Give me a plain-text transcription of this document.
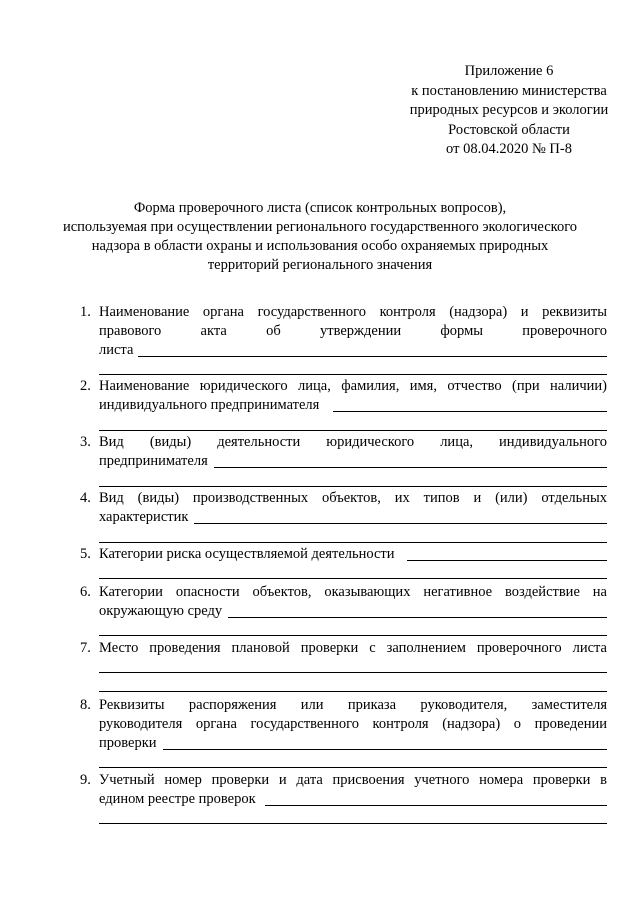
Приложение 6
к постановлению министерства
природных ресурсов и экологии
Ростовской области
от 08.04.2020 № П-8
Форма проверочного листа (список контрольных вопросов),
используемая при осуществлении регионального государственного экологического
надзора в области охраны и использования особо охраняемых природных
территорий регионального значения
1. Наименование органа государственного контроля (надзора) и реквизиты
правового акта об утверждении формы проверочного
листа
2. Наименование юридического лица, фамилия, имя, отчество (при наличии)
индивидуального предпринимателя
3. Вид (виды) деятельности юридического лица, индивидуального
предпринимателя
4. Вид (виды) производственных объектов, их типов и (или) отдельных
характеристик
5. Категории риска осуществляемой деятельности
6. Категории опасности объектов, оказывающих негативное воздействие на
окружающую среду
7. Место проведения плановой проверки с заполнением проверочного листа
8. Реквизиты распоряжения или приказа руководителя, заместителя
руководителя органа государственного контроля (надзора) о проведении
проверки
9. Учетный номер проверки и дата присвоения учетного номера проверки в
едином реестре проверок
